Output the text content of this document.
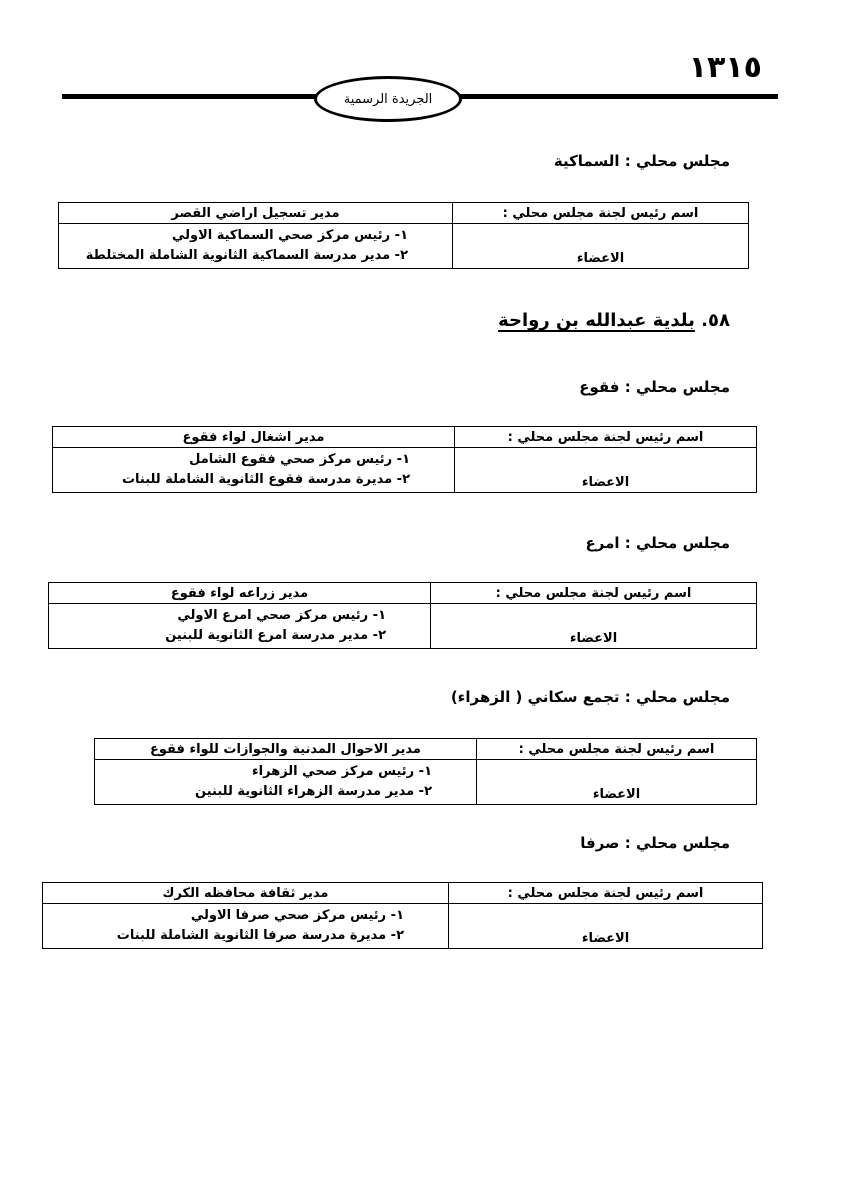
١٣١٥
الجريدة الرسمية
مجلس محلي : السماكية
اسم رئيس لجنة مجلس محلي :	مدير تسجيل اراضي القصر
الاعضاء	١- رئيس مركز صحي السماكية الاولي
٢- مدير مدرسة السماكية الثانوية الشاملة المختلطة
٥٨. بلدية عبدالله بن رواحة
مجلس محلي : فقوع
اسم رئيس لجنة مجلس محلي :	مدير اشغال لواء فقوع
الاعضاء	١- رئيس مركز صحي فقوع الشامل
٢- مديرة مدرسة فقوع الثانوية الشاملة للبنات
مجلس محلي : امرع
اسم رئيس لجنة مجلس محلي :	مدير زراعه لواء فقوع
الاعضاء	١- رئيس مركز صحي امرع الاولي
٢- مدير مدرسة امرع الثانوية للبنين
مجلس محلي : تجمع سكاني ( الزهراء)
اسم رئيس لجنة مجلس محلي :	مدير الاحوال المدنية والجوازات للواء فقوع
الاعضاء	١- رئيس مركز صحي الزهراء
٢- مدير مدرسة الزهراء الثانوية للبنين
مجلس محلي : صرفا
اسم رئيس لجنة مجلس محلي :	مدير ثقافة محافظه الكرك
الاعضاء	١- رئيس مركز صحي صرفا الاولي
٢- مديرة مدرسة صرفا الثانوية الشاملة للبنات
